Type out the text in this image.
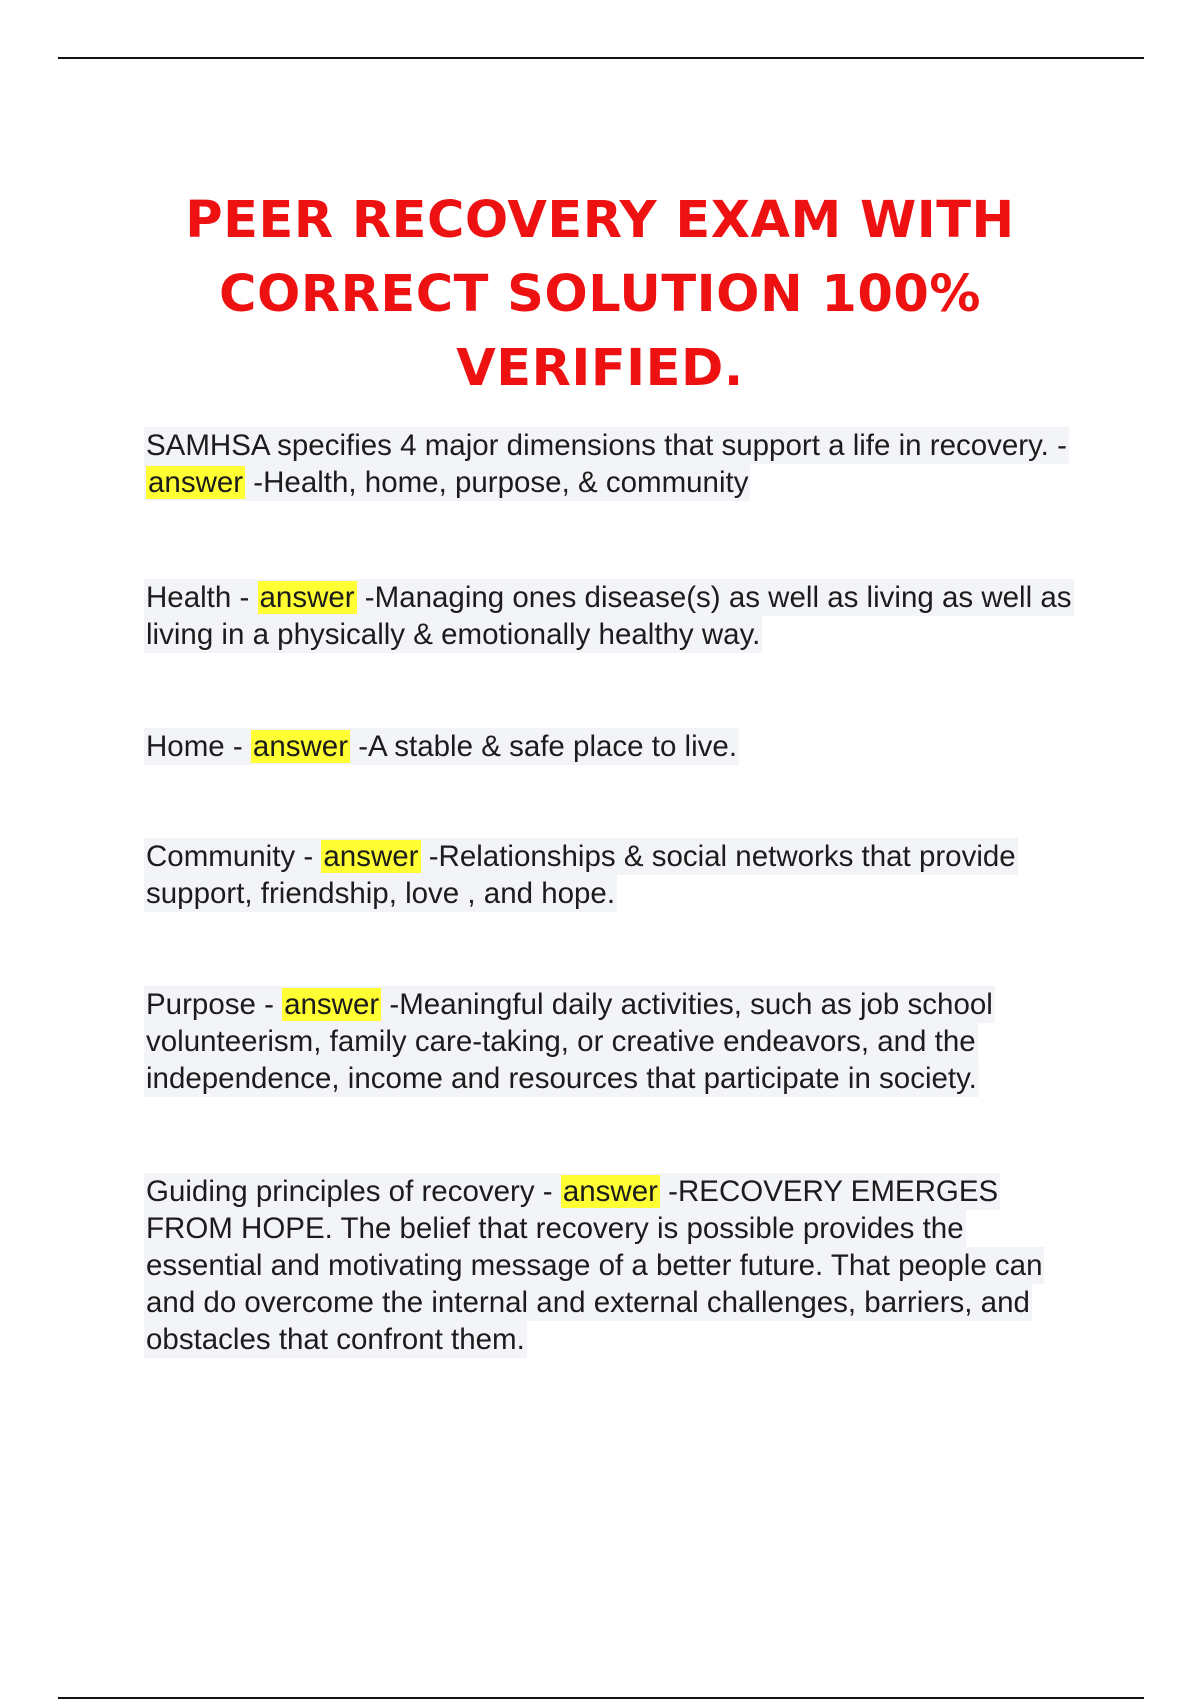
PEER RECOVERY EXAM WITH CORRECT SOLUTION 100% VERIFIED.

SAMHSA specifies 4 major dimensions that support a life in recovery. - answer -Health, home, purpose, & community

Health - answer -Managing ones disease(s) as well as living as well as living in a physically & emotionally healthy way.

Home - answer -A stable & safe place to live.

Community - answer -Relationships & social networks that provide support, friendship, love , and hope.

Purpose - answer -Meaningful daily activities, such as job school volunteerism, family care-taking, or creative endeavors, and the independence, income and resources that participate in society.

Guiding principles of recovery - answer -RECOVERY EMERGES FROM HOPE. The belief that recovery is possible provides the essential and motivating message of a better future. That people can and do overcome the internal and external challenges, barriers, and obstacles that confront them.
